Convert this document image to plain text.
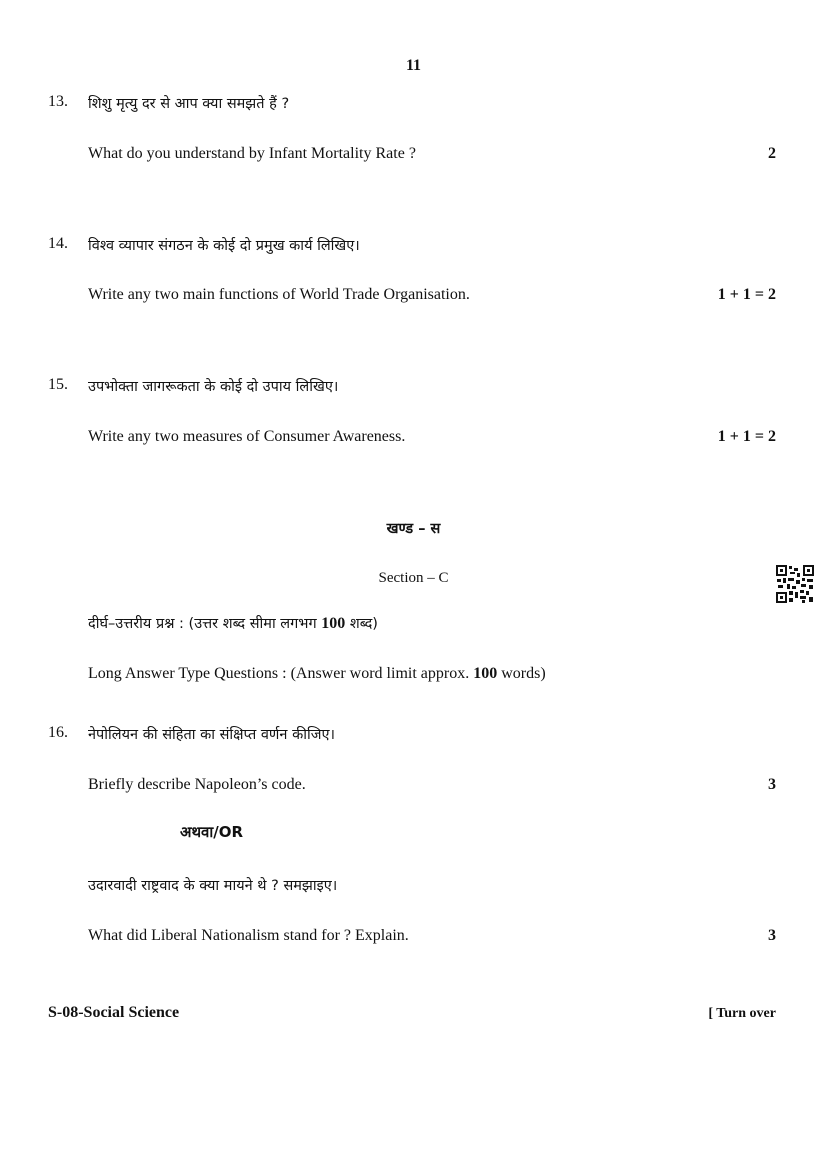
11
13. शिशु मृत्यु दर से आप क्या समझते हैं ?
What do you understand by Infant Mortality Rate ?	2
14. विश्व व्यापार संगठन के कोई दो प्रमुख कार्य लिखिए।
Write any two main functions of World Trade Organisation.	1 + 1 = 2
15. उपभोक्ता जागरूकता के कोई दो उपाय लिखिए।
Write any two measures of Consumer Awareness.	1 + 1 = 2
खण्ड – स
Section – C
दीर्घ–उत्तरीय प्रश्न : (उत्तर शब्द सीमा लगभग 100 शब्द)
Long Answer Type Questions : (Answer word limit approx. 100 words)
16. नेपोलियन की संहिता का संक्षिप्त वर्णन कीजिए।
Briefly describe Napoleon’s code.	3
अथवा/OR
उदारवादी राष्ट्रवाद के क्या मायने थे ? समझाइए।
What did Liberal Nationalism stand for ? Explain.	3
S-08-Social Science	[ Turn over
